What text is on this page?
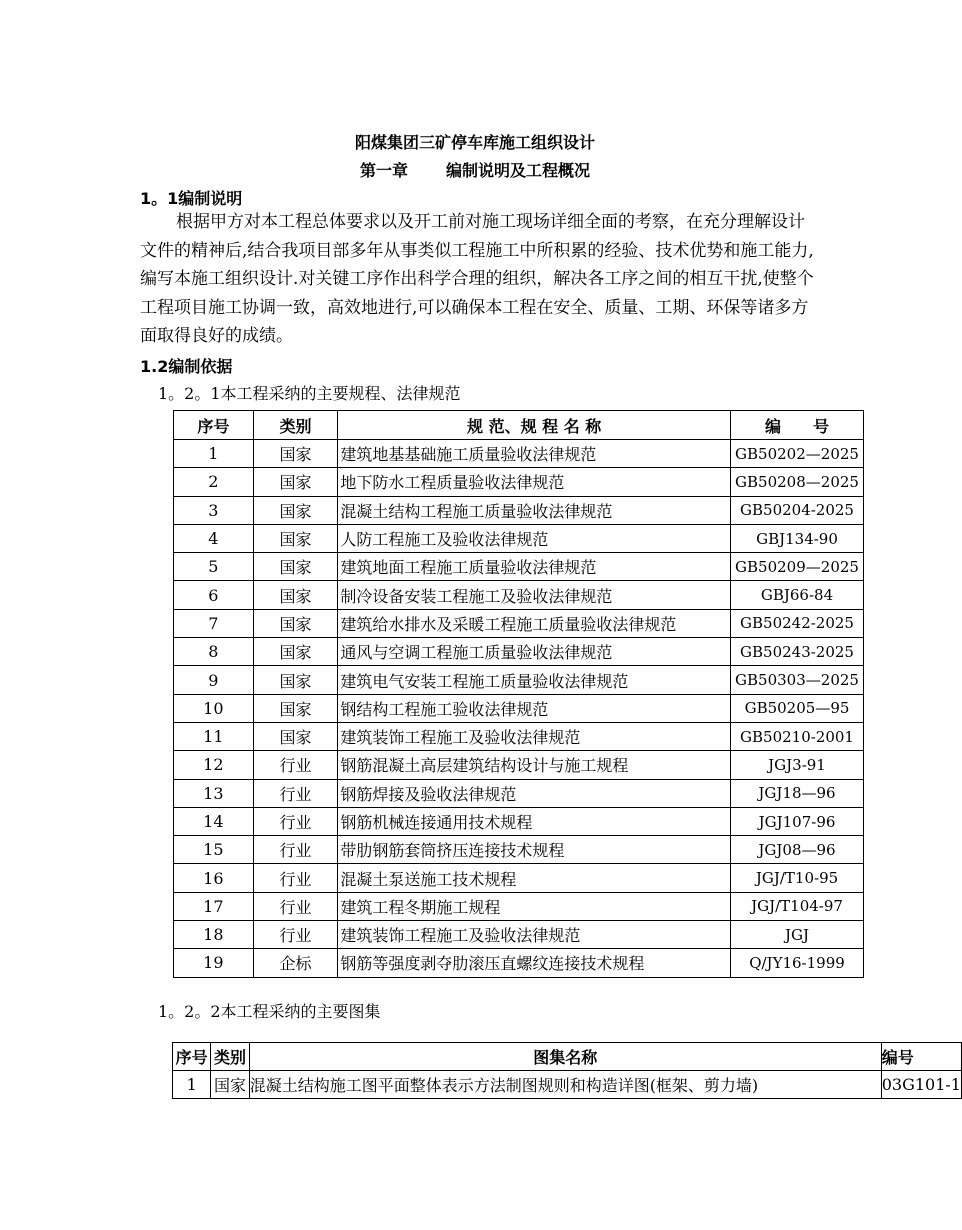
阳煤集团三矿停车库施工组织设计
第一章 编制说明及工程概况
1。1编制说明

根据甲方对本工程总体要求以及开工前对施工现场详细全面的考察，在充分理解设计文件的精神后,结合我项目部多年从事类似工程施工中所积累的经验、技术优势和施工能力,编写本施工组织设计.对关键工序作出科学合理的组织，解决各工序之间的相互干扰,使整个工程项目施工协调一致，高效地进行,可以确保本工程在安全、质量、工期、环保等诸多方面取得良好的成绩。

1.2编制依据
1。2。1本工程采纳的主要规程、法律规范
序号	类别	规 范、规 程 名 称	编　　号
1	国家	建筑地基基础施工质量验收法律规范	GB50202—2025
2	国家	地下防水工程质量验收法律规范	GB50208—2025
3	国家	混凝土结构工程施工质量验收法律规范	GB50204-2025
4	国家	人防工程施工及验收法律规范	GBJ134-90
5	国家	建筑地面工程施工质量验收法律规范	GB50209—2025
6	国家	制冷设备安装工程施工及验收法律规范	GBJ66-84
7	国家	建筑给水排水及采暖工程施工质量验收法律规范	GB50242-2025
8	国家	通风与空调工程施工质量验收法律规范	GB50243-2025
9	国家	建筑电气安装工程施工质量验收法律规范	GB50303—2025
10	国家	钢结构工程施工验收法律规范	GB50205—95
11	国家	建筑装饰工程施工及验收法律规范	GB50210-2001
12	行业	钢筋混凝土高层建筑结构设计与施工规程	JGJ3-91
13	行业	钢筋焊接及验收法律规范	JGJ18—96
14	行业	钢筋机械连接通用技术规程	JGJ107-96
15	行业	带肋钢筋套筒挤压连接技术规程	JGJ08—96
16	行业	混凝土泵送施工技术规程	JGJ/T10-95
17	行业	建筑工程冬期施工规程	JGJ/T104-97
18	行业	建筑装饰工程施工及验收法律规范	JGJ
19	企标	钢筋等强度剥夺肋滚压直螺纹连接技术规程	Q/JY16-1999
1。2。2本工程采纳的主要图集
序号	类别	图集名称	编号
1	国家	混凝土结构施工图平面整体表示方法制图规则和构造详图(框架、剪力墙)	03G101-1
